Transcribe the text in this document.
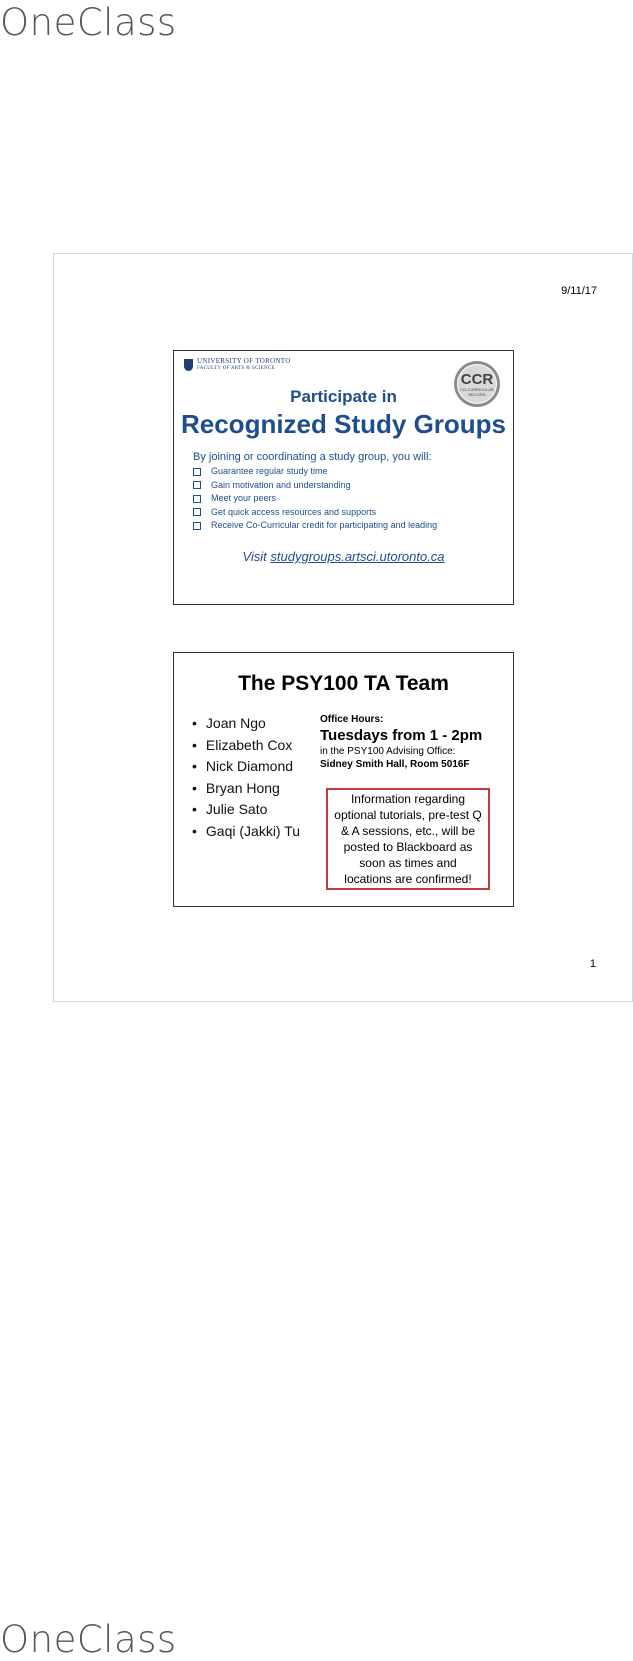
OneClass
9/11/17
UNIVERSITY OF TORONTO
FACULTY OF ARTS & SCIENCE
CCR
CO-CURRICULAR RECORD
Participate in
Recognized Study Groups
By joining or coordinating a study group, you will:
Guarantee regular study time
Gain motivation and understanding
Meet your peers
Get quick access resources and supports
Receive Co-Curricular credit for participating and leading
Visit studygroups.artsci.utoronto.ca
The PSY100 TA Team
• Joan Ngo
• Elizabeth Cox
• Nick Diamond
• Bryan Hong
• Julie Sato
• Gaqi (Jakki) Tu
Office Hours:
Tuesdays from 1 - 2pm
in the PSY100 Advising Office:
Sidney Smith Hall, Room 5016F
Information regarding optional tutorials, pre-test Q & A sessions, etc., will be posted to Blackboard as soon as times and locations are confirmed!
1
OneClass
